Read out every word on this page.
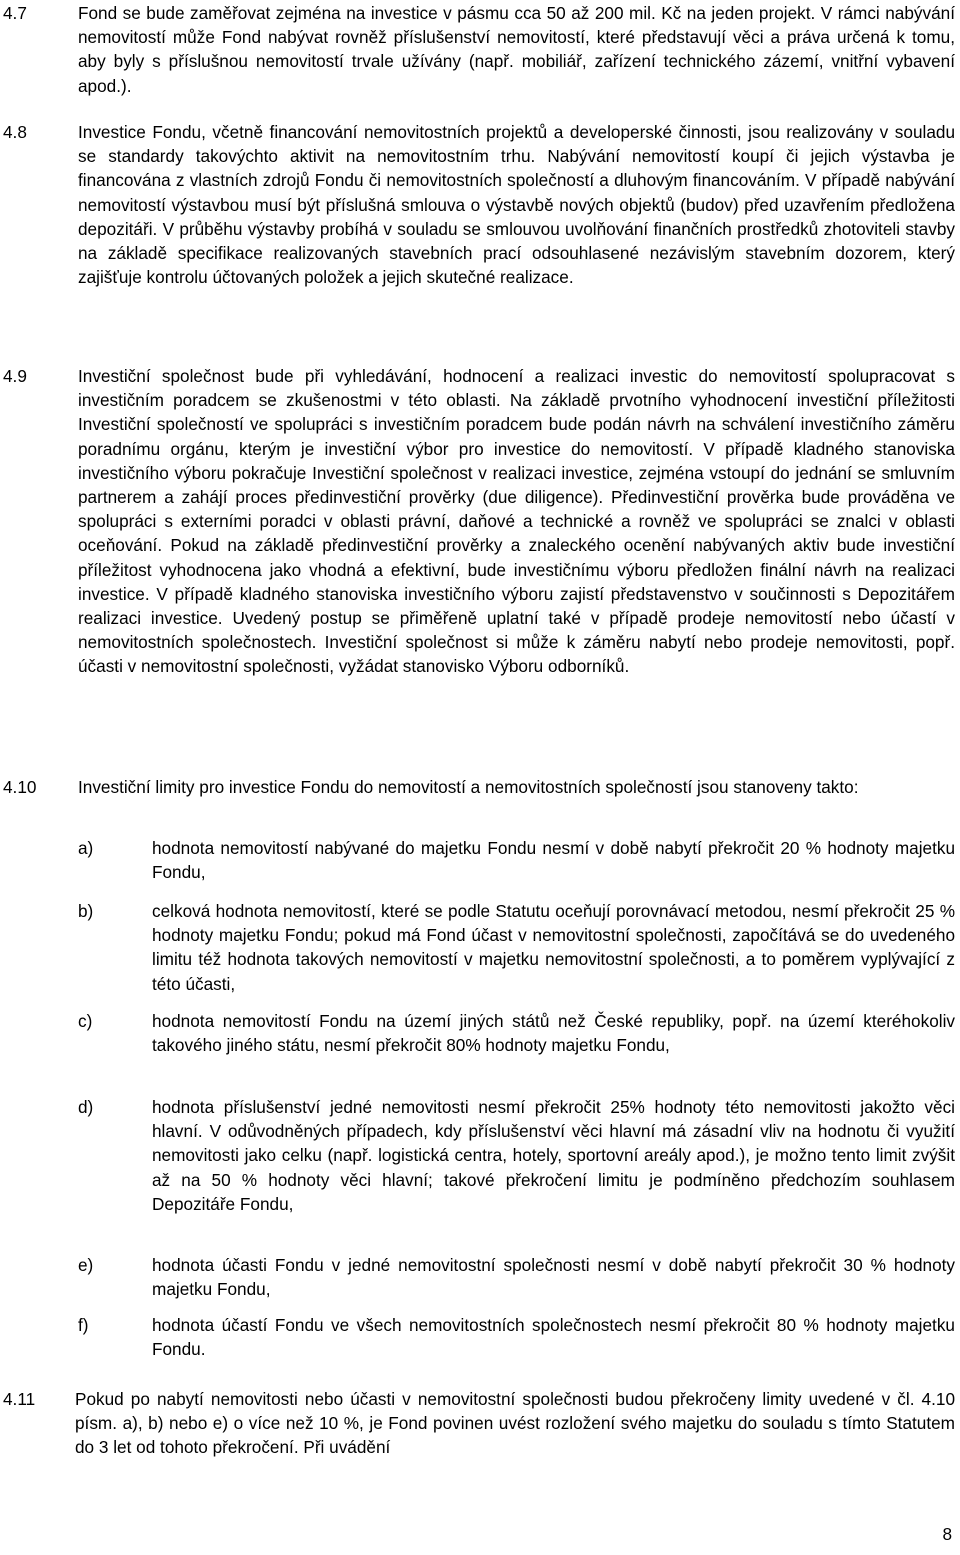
4.7	Fond se bude zaměřovat zejména na investice v pásmu cca 50 až 200 mil. Kč na jeden projekt. V rámci nabývání nemovitostí může Fond nabývat rovněž příslušenství nemovitostí, které představují věci a práva určená k tomu, aby byly s příslušnou nemovitostí trvale užívány (např. mobiliář, zařízení technického zázemí, vnitřní vybavení apod.).
4.8	Investice Fondu, včetně financování nemovitostních projektů a developerské činnosti, jsou realizovány v souladu se standardy takovýchto aktivit na nemovitostním trhu. Nabývání nemovitostí koupí či jejich výstavba je financována z vlastních zdrojů Fondu či nemovitostních společností a dluhovým financováním. V případě nabývání nemovitostí výstavbou musí být příslušná smlouva o výstavbě nových objektů (budov) před uzavřením předložena depozitáři. V průběhu výstavby probíhá v souladu se smlouvou uvolňování finančních prostředků zhotoviteli stavby na základě specifikace realizovaných stavebních prací odsouhlasené nezávislým stavebním dozorem, který zajišťuje kontrolu účtovaných položek a jejich skutečné realizace.
4.9	Investiční společnost bude při vyhledávání, hodnocení a realizaci investic do nemovitostí spolupracovat s investičním poradcem se zkušenostmi v této oblasti. Na základě prvotního vyhodnocení investiční příležitosti Investiční společností ve spolupráci s investičním poradcem bude podán návrh na schválení investičního záměru poradnímu orgánu, kterým je investiční výbor pro investice do nemovitostí. V případě kladného stanoviska investičního výboru pokračuje Investiční společnost v realizaci investice, zejména vstoupí do jednání se smluvním partnerem a zahájí proces předinvestiční prověrky (due diligence). Předinvestiční prověrka bude prováděna ve spolupráci s externími poradci v oblasti právní, daňové a technické a rovněž ve spolupráci se znalci v oblasti oceňování. Pokud na základě předinvestiční prověrky a znaleckého ocenění nabývaných aktiv bude investiční příležitost vyhodnocena jako vhodná a efektivní, bude investičnímu výboru předložen finální návrh na realizaci investice. V případě kladného stanoviska investičního výboru zajistí představenstvo v součinnosti s Depozitářem realizaci investice. Uvedený postup se přiměřeně uplatní také v případě prodeje nemovitostí nebo účastí v nemovitostních společnostech. Investiční společnost si může k záměru nabytí nebo prodeje nemovitosti, popř. účasti v nemovitostní společnosti, vyžádat stanovisko Výboru odborníků.
4.10 Investiční limity pro investice Fondu do nemovitostí a nemovitostních společností jsou stanoveny takto:
a)	hodnota nemovitostí nabývané do majetku Fondu nesmí v době nabytí překročit 20 % hodnoty majetku Fondu,
b)	celková hodnota nemovitostí, které se podle Statutu oceňují porovnávací metodou, nesmí překročit 25 % hodnoty majetku Fondu; pokud má Fond účast v nemovitostní společnosti, započítává se do uvedeného limitu též hodnota takových nemovitostí v majetku nemovitostní společnosti, a to poměrem vyplývající z této účasti,
c)	hodnota nemovitostí Fondu na území jiných států než České republiky, popř. na území kteréhokoliv takového jiného státu, nesmí překročit 80% hodnoty majetku Fondu,
d)	hodnota příslušenství jedné nemovitosti nesmí překročit 25% hodnoty této nemovitosti jakožto věci hlavní. V odůvodněných případech, kdy příslušenství věci hlavní má zásadní vliv na hodnotu či využití nemovitosti jako celku (např. logistická centra, hotely, sportovní areály apod.), je možno tento limit zvýšit až na 50 % hodnoty věci hlavní; takové překročení limitu je podmíněno předchozím souhlasem Depozitáře Fondu,
e)	hodnota účasti Fondu v jedné nemovitostní společnosti nesmí v době nabytí překročit 30 % hodnoty majetku Fondu,
f)	hodnota účastí Fondu ve všech nemovitostních společnostech nesmí překročit 80 % hodnoty majetku Fondu.
4.11 Pokud po nabytí nemovitosti nebo účasti v nemovitostní společnosti budou překročeny limity uvedené v čl. 4.10 písm. a), b) nebo e) o více než 10 %, je Fond povinen uvést rozložení svého majetku do souladu s tímto Statutem do 3 let od tohoto překročení. Při uvádění
8
